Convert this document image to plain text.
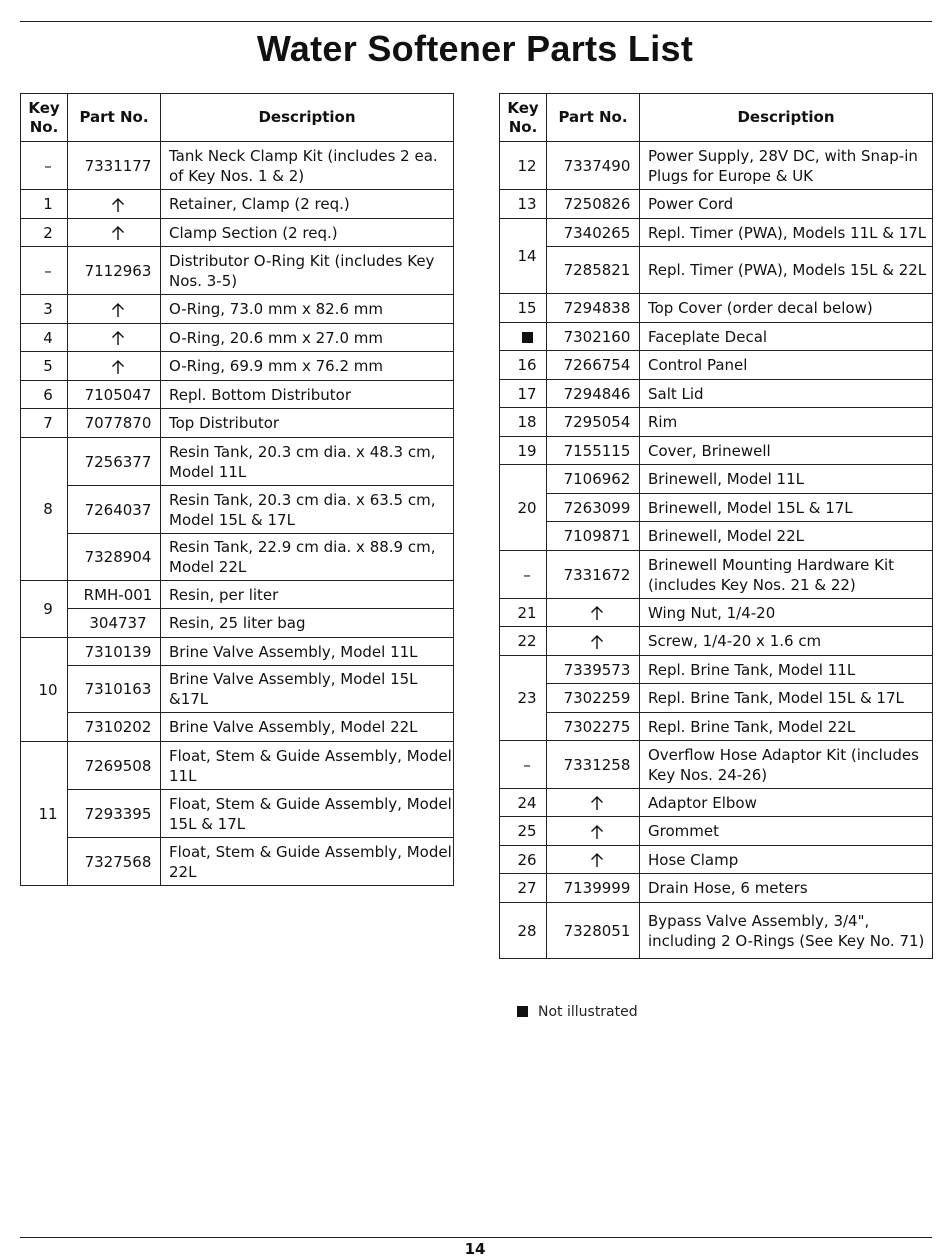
Water Softener Parts List
Key No.	Part No.	Description
–	7331177	Tank Neck Clamp Kit (includes 2 ea. of Key Nos. 1 & 2)
1		Retainer, Clamp (2 req.)
2		Clamp Section (2 req.)
–	7112963	Distributor O-Ring Kit (includes Key Nos. 3-5)
3		O-Ring, 73.0 mm x 82.6 mm
4		O-Ring, 20.6 mm x 27.0 mm
5		O-Ring, 69.9 mm x 76.2 mm
6	7105047	Repl. Bottom Distributor
7	7077870	Top Distributor
8	7256377	Resin Tank, 20.3 cm dia. x 48.3 cm, Model 11L
	7264037	Resin Tank, 20.3 cm dia. x 63.5 cm, Model 15L & 17L
	7328904	Resin Tank, 22.9 cm dia. x 88.9 cm, Model 22L
9	RMH-001	Resin, per liter
	304737	Resin, 25 liter bag
10	7310139	Brine Valve Assembly, Model 11L
	7310163	Brine Valve Assembly, Model 15L &17L
	7310202	Brine Valve Assembly, Model 22L
11	7269508	Float, Stem & Guide Assembly, Model 11L
	7293395	Float, Stem & Guide Assembly, Model 15L & 17L
	7327568	Float, Stem & Guide Assembly, Model 22L
Key No.	Part No.	Description
12	7337490	Power Supply, 28V DC, with Snap-in Plugs for Europe & UK
13	7250826	Power Cord
14	7340265	Repl. Timer (PWA), Models 11L & 17L
	7285821	Repl. Timer (PWA), Models 15L & 22L
15	7294838	Top Cover (order decal below)
	7302160	Faceplate Decal
16	7266754	Control Panel
17	7294846	Salt Lid
18	7295054	Rim
19	7155115	Cover, Brinewell
20	7106962	Brinewell, Model 11L
	7263099	Brinewell, Model 15L & 17L
	7109871	Brinewell, Model 22L
–	7331672	Brinewell Mounting Hardware Kit (includes Key Nos. 21 & 22)
21		Wing Nut, 1/4-20
22		Screw, 1/4-20 x 1.6 cm
23	7339573	Repl. Brine Tank, Model 11L
	7302259	Repl. Brine Tank, Model 15L & 17L
	7302275	Repl. Brine Tank, Model 22L
–	7331258	Overflow Hose Adaptor Kit (includes Key Nos. 24-26)
24		Adaptor Elbow
25		Grommet
26		Hose Clamp
27	7139999	Drain Hose, 6 meters
28	7328051	Bypass Valve Assembly, 3/4", including 2 O-Rings (See Key No. 71)
Not illustrated
14
